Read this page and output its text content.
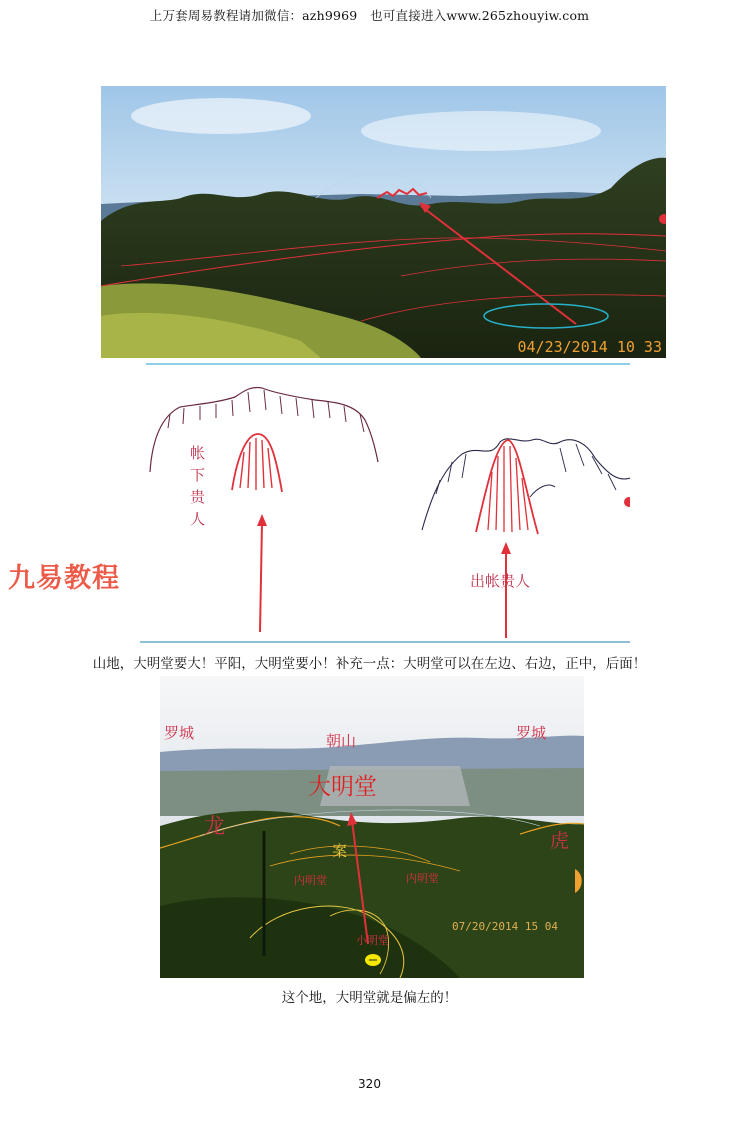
上万套周易教程请加微信：azh9969　也可直接进入www.265zhouyiw.com
04/23/2014 10 33
帐
下
贵
人
出帐贵人
九易教程
山地，大明堂要大！平阳，大明堂要小！补充一点：大明堂可以在左边、右边，正中，后面！
罗城	罗城
朝山
大明堂
龙
虎
案
内明堂	内明堂
小明堂
07/20/2014 15 04
这个地，大明堂就是偏左的！
320
